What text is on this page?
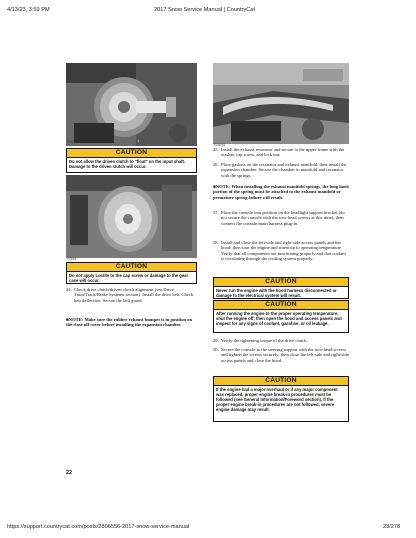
4/13/23, 3:59 PM	2017 Snow Service Manual | CountryCat
FZ601	1
CAUTION
Do not allow the driven clutch to "float" on the input shaft. Damage to the driven clutch will occur.
FZ616
CAUTION
Do not apply Loctite to the cap screw or damage to the gear case will occur.
24. Check drive clutch/driven clutch alignment (see Drive Train/Track/Brake Systems section). Install the drive belt. Check belt deflection. Secure the belt guard.
■NOTE: Make sure the rubber exhaust bumper is in position on the close off cover before installing the expansion chamber.
FZ6078
25. Install the exhaust resonator and secure to the upper frame with the washer, cap screw, and lock nut.
26. Place gaskets on the resonator and exhaust manifold; then install the expansion chamber. Secure the chamber to manifold and resonator with the springs.
■NOTE: When installing the exhaust manifold springs, the long hook portion of the spring must be attached to the exhaust manifold or premature spring failure will result.
27. Place the console into position on the headlight support bracket (do not secure the console with the torx-head screws at this time); then connect the console/main harness plug-in.
28. Install and close the left-side and right-side access panels and the hood; then start the engine and warm up to operating temperature. Verify that all components are functioning properly and that coolant is circulating through the cooling system properly.
CAUTION
Never run the engine with the hood harness disconnected or damage to the electrical system will result.
CAUTION
After running the engine to the proper operating temperature, shut the engine off; then open the hood and access panels and inspect for any signs of coolant, gasoline, or oil leakage.
29. Verify the tightening torque of the drive clutch.
30. Secure the console to the steering support with the torx-head screws and tighten the screws securely; then close the left-side and right-side access panels and close the hood.
CAUTION
If the engine had a major overhaul or if any major component was replaced, proper engine break-in procedures must be followed (see General Information/Foreword section). If the proper engine break-in procedures are not followed, severe engine damage may result.
22
https://support.countrycat.com/posts/2806556-2017-snow-service-manual	23/278
